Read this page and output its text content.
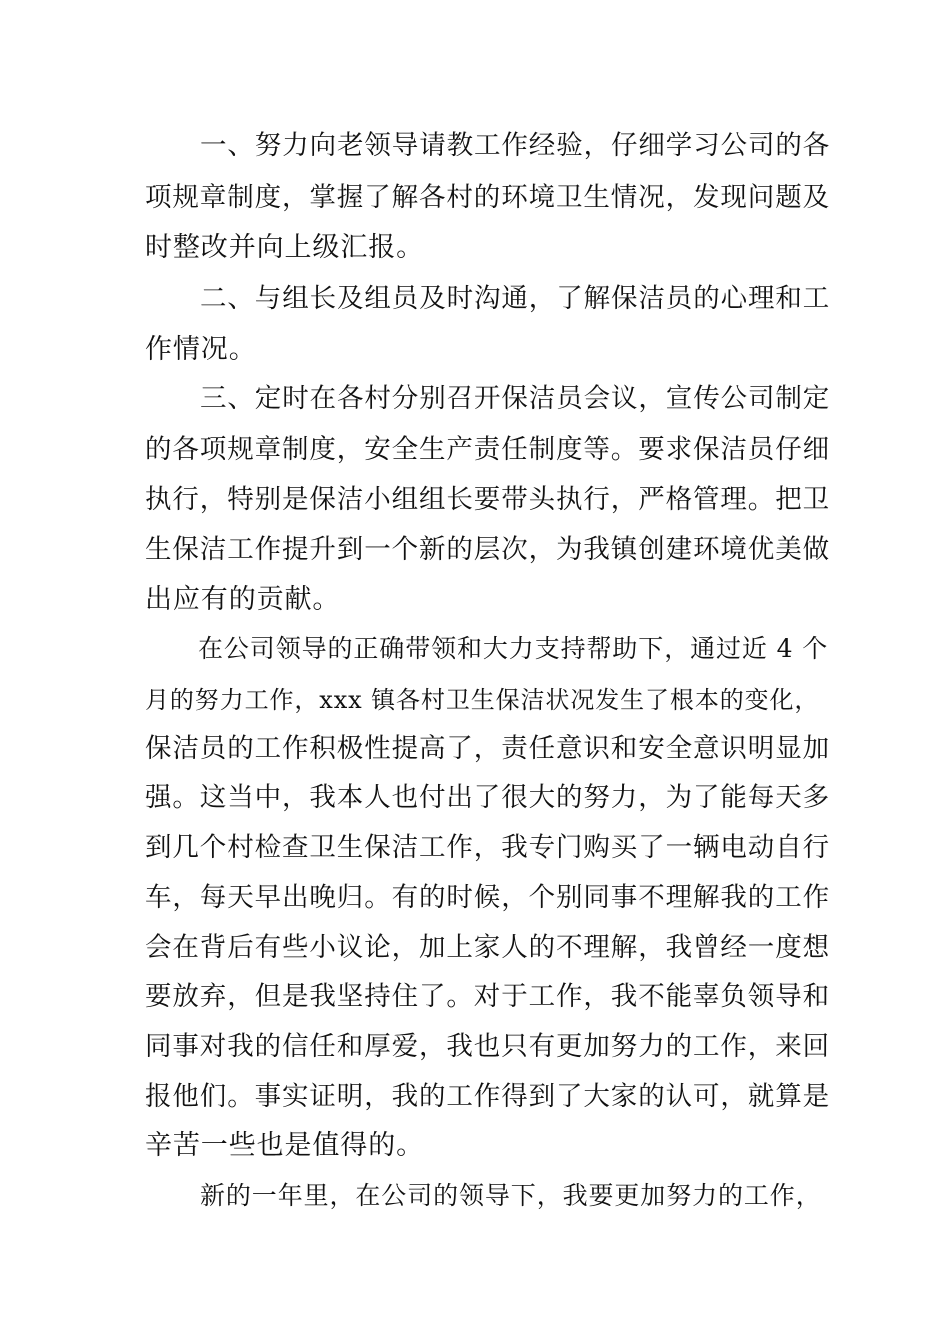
一、努力向老领导请教工作经验，仔细学习公司的各
项规章制度，掌握了解各村的环境卫生情况，发现问题及
时整改并向上级汇报。
二、与组长及组员及时沟通，了解保洁员的心理和工
作情况。
三、定时在各村分别召开保洁员会议，宣传公司制定
的各项规章制度，安全生产责任制度等。要求保洁员仔细
执行，特别是保洁小组组长要带头执行，严格管理。把卫
生保洁工作提升到一个新的层次，为我镇创建环境优美做
出应有的贡献。
在公司领导的正确带领和大力支持帮助下，通过近 4 个
月的努力工作，xxx 镇各村卫生保洁状况发生了根本的变化，
保洁员的工作积极性提高了，责任意识和安全意识明显加
强。这当中，我本人也付出了很大的努力，为了能每天多
到几个村检查卫生保洁工作，我专门购买了一辆电动自行
车，每天早出晚归。有的时候，个别同事不理解我的工作
会在背后有些小议论，加上家人的不理解，我曾经一度想
要放弃，但是我坚持住了。对于工作，我不能辜负领导和
同事对我的信任和厚爱，我也只有更加努力的工作，来回
报他们。事实证明，我的工作得到了大家的认可，就算是
辛苦一些也是值得的。
新的一年里，在公司的领导下，我要更加努力的工作，
